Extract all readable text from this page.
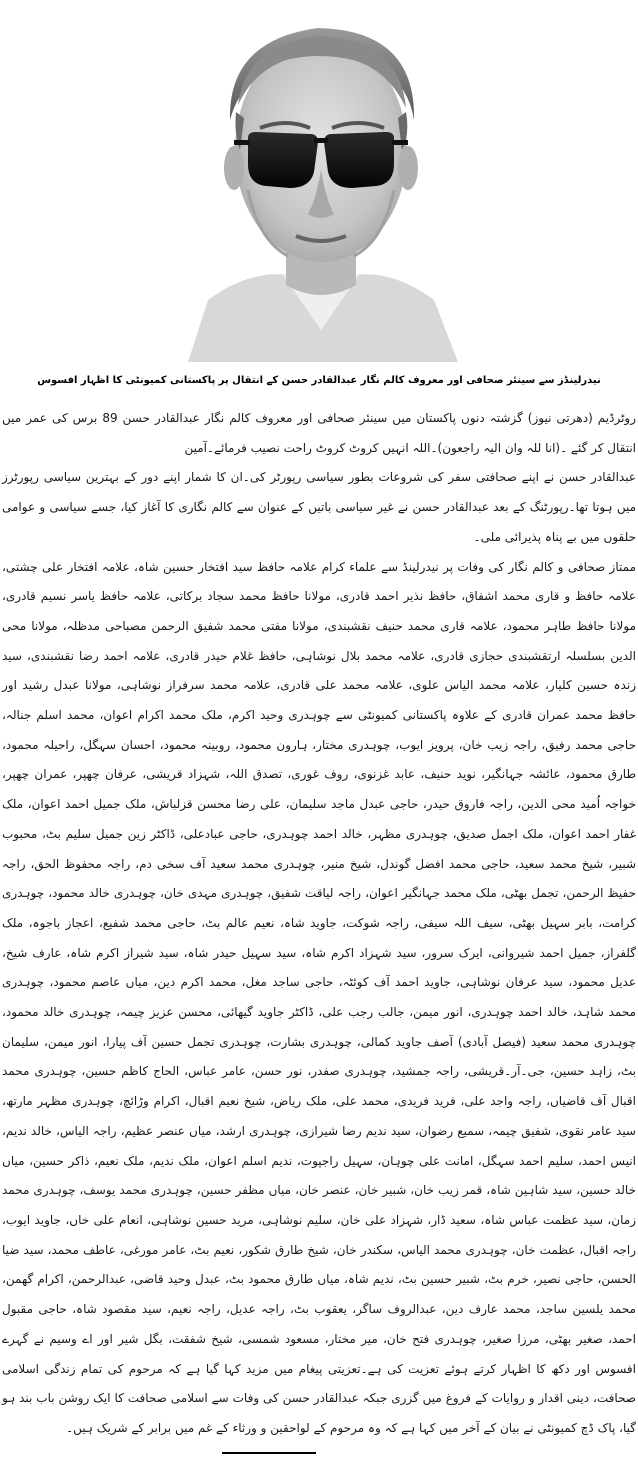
نیدرلینڈز سے سینئر صحافی اور معروف کالم نگار عبدالقادر حسن کے انتقال پر پاکستانی کمیونٹی کا اظہار افسوس

روٹرڈیم (دھرتی نیوز) گزشتہ دنوں پاکستان میں سینئر صحافی اور معروف کالم نگار عبدالقادر حسن 89 برس کی عمر میں انتقال کر گئے ۔(انا للہ وان الیہ راجعون)۔اللہ انہیں کروٹ کروٹ راحت نصیب فرمائے۔آمین

عبدالقادر حسن نے اپنے صحافتی سفر کی شروعات بطور سیاسی رپورٹر کی۔ان کا شمار اپنے دور کے بہترین سیاسی رپورٹرز میں ہوتا تھا۔رپورٹنگ کے بعد عبدالقادر حسن نے غیر سیاسی باتیں کے عنوان سے کالم نگاری کا آغاز کیا، جسے سیاسی و عوامی حلقوں میں بے پناہ پذیرائی ملی۔

ممتاز صحافی و کالم نگار کی وفات پر نیدرلینڈ سے علماء کرام علامہ حافظ سید افتخار حسین شاہ، علامہ افتخار علی چشتی، علامہ حافظ و قاری محمد اشفاق، حافظ نذیر احمد قادری، مولانا حافظ محمد سجاد برکاتی، علامہ حافظ یاسر نسیم قادری، مولانا حافظ طاہر محمود، علامہ قاری محمد حنیف نقشبندی، مولانا مفتی محمد شفیق الرحمن مصباحی مدظلہ، مولانا محی الدین بسلسلہ ارتقشبندی حجازی قادری، علامہ محمد بلال نوشاہی، حافظ غلام حیدر قادری، علامہ احمد رضا نقشبندی، سید زندہ حسین کلیار، علامہ محمد الیاس علوی، علامہ محمد علی قادری، علامہ محمد سرفراز نوشاہی، مولانا عبدل رشید اور حافظ محمد عمران قادری کے علاوہ پاکستانی کمیونٹی سے چوہدری وحید اکرم، ملک محمد اکرام اعوان، محمد اسلم جنالہ، حاجی محمد رفیق، راجہ زیب خان، پرویز ایوب، چوہدری مختار، ہارون محمود، روبینہ محمود، احسان سہگل، راحیلہ محمود، طارق محمود، عائشہ جہانگیر، نوید حنیف، عابد غزنوی، روف غوری، تصدق اللہ، شہزاد قریشی، عرفان چھپر، عمران چھپر، خواجہ اُمید محی الدین، راجہ فاروق حیدر، حاجی عبدل ماجد سلیمان، علی رضا محسن قزلباش، ملک جمیل احمد اعوان، ملک غفار احمد اعوان، ملک اجمل صدیق، چوہدری مظہر، خالد احمد چوہدری، حاجی عبادعلی، ڈاکٹر زین جمیل سلیم بٹ، محبوب شبیر، شیخ محمد سعید، حاجی محمد افضل گوندل، شیخ منیر، چوہدری محمد سعید آف سخی دم، راجہ محفوظ الحق، راجہ حفیظ الرحمن، تجمل بھٹی، ملک محمد جہانگیر اعوان، راجہ لیاقت شفیق، چوہدری مہدی خان، چوہدری خالد محمود، چوہدری کرامت، بابر سہیل بھٹی، سیف اللہ سیفی، راجہ شوکت، جاوید شاہ، نعیم عالم بٹ، حاجی محمد شفیع، اعجاز باجوہ، ملک گلفراز، جمیل احمد شیروانی، ایرک سرور، سید شہزاد اکرم شاہ، سید سہیل حیدر شاہ، سید شیراز اکرم شاہ، عارف شیخ، عدیل محمود، سید عرفان نوشاہی، جاوید احمد آف کوئٹہ، حاجی ساجد مغل، محمد اکرم دین، میاں عاصم محمود، چوہدری محمد شاہد، خالد احمد چوہدری، انور میمن، جالب رجب علی، ڈاکٹر جاوید گیھائی، محسن عزیز چیمہ، چوہدری خالد محمود، چوہدری محمد سعید (فیصل آبادی) آصف جاوید کمالی، چوہدری بشارت، چوہدری تجمل حسین آف پیارا، انور میمن، سلیمان بٹ، زاہد حسین، جی۔آر۔قریشی، راجہ جمشید، چوہدری صفدر، نور حسن، عامر عباس، الحاج کاظم حسین، چوہدری محمد اقبال آف قاضیاں، راجہ واجد علی، فرید فریدی، محمد علی، ملک ریاض، شیخ نعیم اقبال، اکرام وڑائچ، چوہدری مظہر مارتھ، سید عامر نقوی، شفیق چیمہ، سمیع رضوان، سید ندیم رضا شیرازی، چوہدری ارشد، میاں عنصر عظیم، راجہ الیاس، خالد ندیم، انیس احمد، سلیم احمد سہگل، امانت علی چوہان، سہیل راجپوت، ندیم اسلم اعوان، ملک ندیم، ملک نعیم، ذاکر حسین، میاں خالد حسین، سید شاہین شاہ، قمر زیب خان، شبیر خان، عنصر خان، میاں مظفر حسین، چوہدری محمد یوسف، چوہدری محمد زمان، سید عظمت عباس شاہ، سعید ڈار، شہزاد علی خان، سلیم نوشاہی، مرید حسین نوشاہی، انعام علی خاں، جاوید ایوب، راجہ اقبال، عظمت خان، چوہدری محمد الیاس، سکندر خان، شیخ طارق شکور، نعیم بٹ، عامر مورغی، عاطف محمد، سید ضیا الحسن، حاجی نصیر، خرم بٹ، شبیر حسین بٹ، ندیم شاہ، میاں طارق محمود بٹ، عبدل وحید قاضی، عبدالرحمن، اکرام گھمن، محمد یلسین ساجد، محمد عارف دین، عبدالروف ساگر، یعقوب بٹ، راجہ عدیل، راجہ نعیم، سید مقصود شاہ، حاجی مقبول احمد، صغیر بھٹی، مرزا صغیر، چوہدری فتح خان، میر مختار، مسعود شمسی، شیخ شفقت، بگل شیر اور اے وسیم نے گہرے افسوس اور دکھ کا اظہار کرتے ہوئے تعزیت کی ہے۔تعزیتی پیغام میں مزید کہا گیا ہے کہ مرحوم کی تمام زندگی اسلامی صحافت، دینی اقدار و روایات کے فروغ میں گزری جبکہ عبدالقادر حسن کی وفات سے اسلامی صحافت کا ایک روشن باب بند ہو گیا، پاک ڈچ کمیونٹی نے بیان کے آخر میں کہا ہے کہ وہ مرحوم کے لواحقین و ورثاء کے غم میں برابر کے شریک ہیں۔
